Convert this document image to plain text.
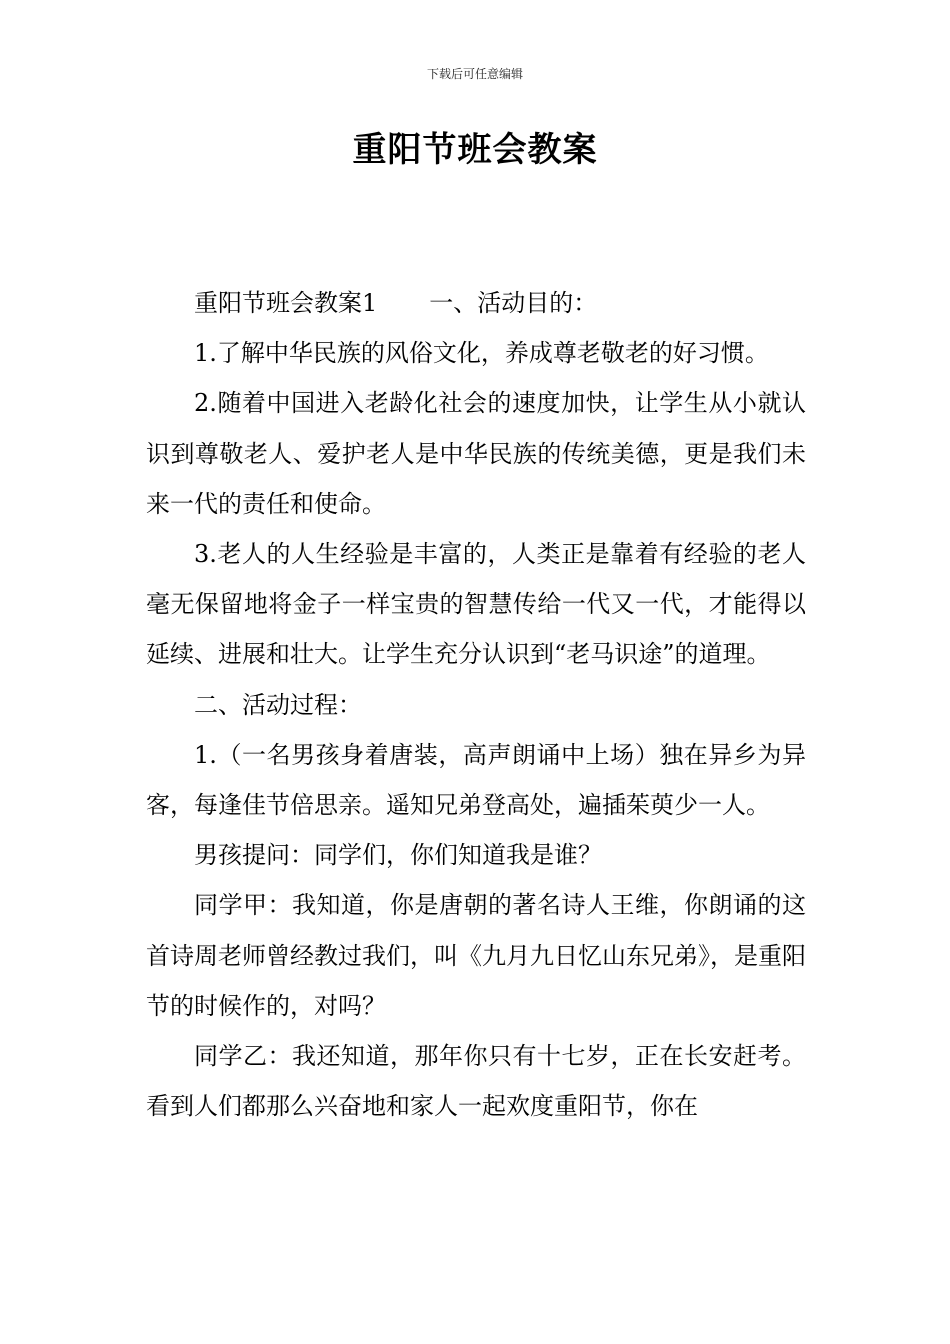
下载后可任意编辑
重阳节班会教案

重阳节班会教案1 一、活动目的：

1.了解中华民族的风俗文化，养成尊老敬老的好习惯。

2.随着中国进入老龄化社会的速度加快，让学生从小就认识到尊敬老人、爱护老人是中华民族的传统美德，更是我们未来一代的责任和使命。

3.老人的人生经验是丰富的，人类正是靠着有经验的老人毫无保留地将金子一样宝贵的智慧传给一代又一代，才能得以延续、进展和壮大。让学生充分认识到“老马识途”的道理。

二、活动过程：

1.（一名男孩身着唐装，高声朗诵中上场）独在异乡为异客，每逢佳节倍思亲。遥知兄弟登高处，遍插茱萸少一人。

男孩提问：同学们，你们知道我是谁？

同学甲：我知道，你是唐朝的著名诗人王维，你朗诵的这首诗周老师曾经教过我们，叫《九月九日忆山东兄弟》，是重阳节的时候作的，对吗？

同学乙：我还知道，那年你只有十七岁，正在长安赶考。看到人们都那么兴奋地和家人一起欢度重阳节，你在
